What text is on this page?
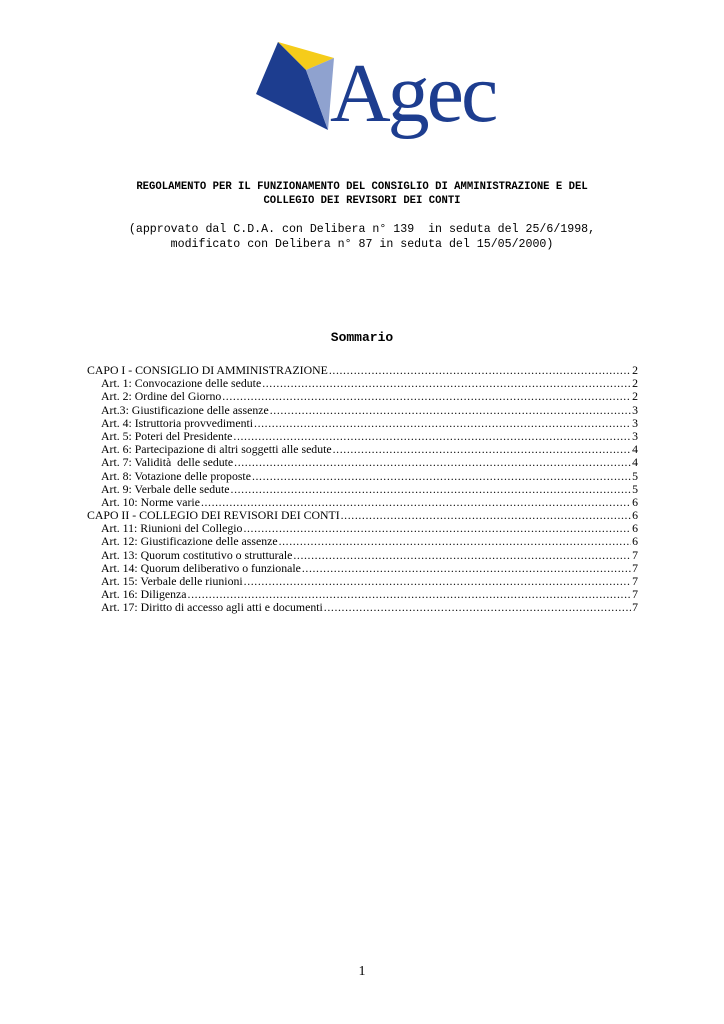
Agec
REGOLAMENTO PER IL FUNZIONAMENTO DEL CONSIGLIO DI AMMINISTRAZIONE E DEL
COLLEGIO DEI REVISORI DEI CONTI
(approvato dal C.D.A. con Delibera n° 139  in seduta del 25/6/1998,
modificato con Delibera n° 87 in seduta del 15/05/2000)
Sommario
CAPO I - CONSIGLIO DI AMMINISTRAZIONE .....	2
Art. 1: Convocazione delle sedute .....	2
Art. 2: Ordine del Giorno .....	2
Art.3: Giustificazione delle assenze .....	3
Art. 4: Istruttoria provvedimenti .....	3
Art. 5: Poteri del Presidente .....	3
Art. 6: Partecipazione di altri soggetti alle sedute .....	4
Art. 7: Validità  delle sedute .....	4
Art. 8: Votazione delle proposte .....	5
Art. 9: Verbale delle sedute .....	5
Art. 10: Norme varie .....	6
CAPO II - COLLEGIO DEI REVISORI DEI CONTI .....	6
Art. 11: Riunioni del Collegio .....	6
Art. 12: Giustificazione delle assenze .....	6
Art. 13: Quorum costitutivo o strutturale .....	7
Art. 14: Quorum deliberativo o funzionale .....	7
Art. 15: Verbale delle riunioni .....	7
Art. 16: Diligenza .....	7
Art. 17: Diritto di accesso agli atti e documenti .....	7
1
